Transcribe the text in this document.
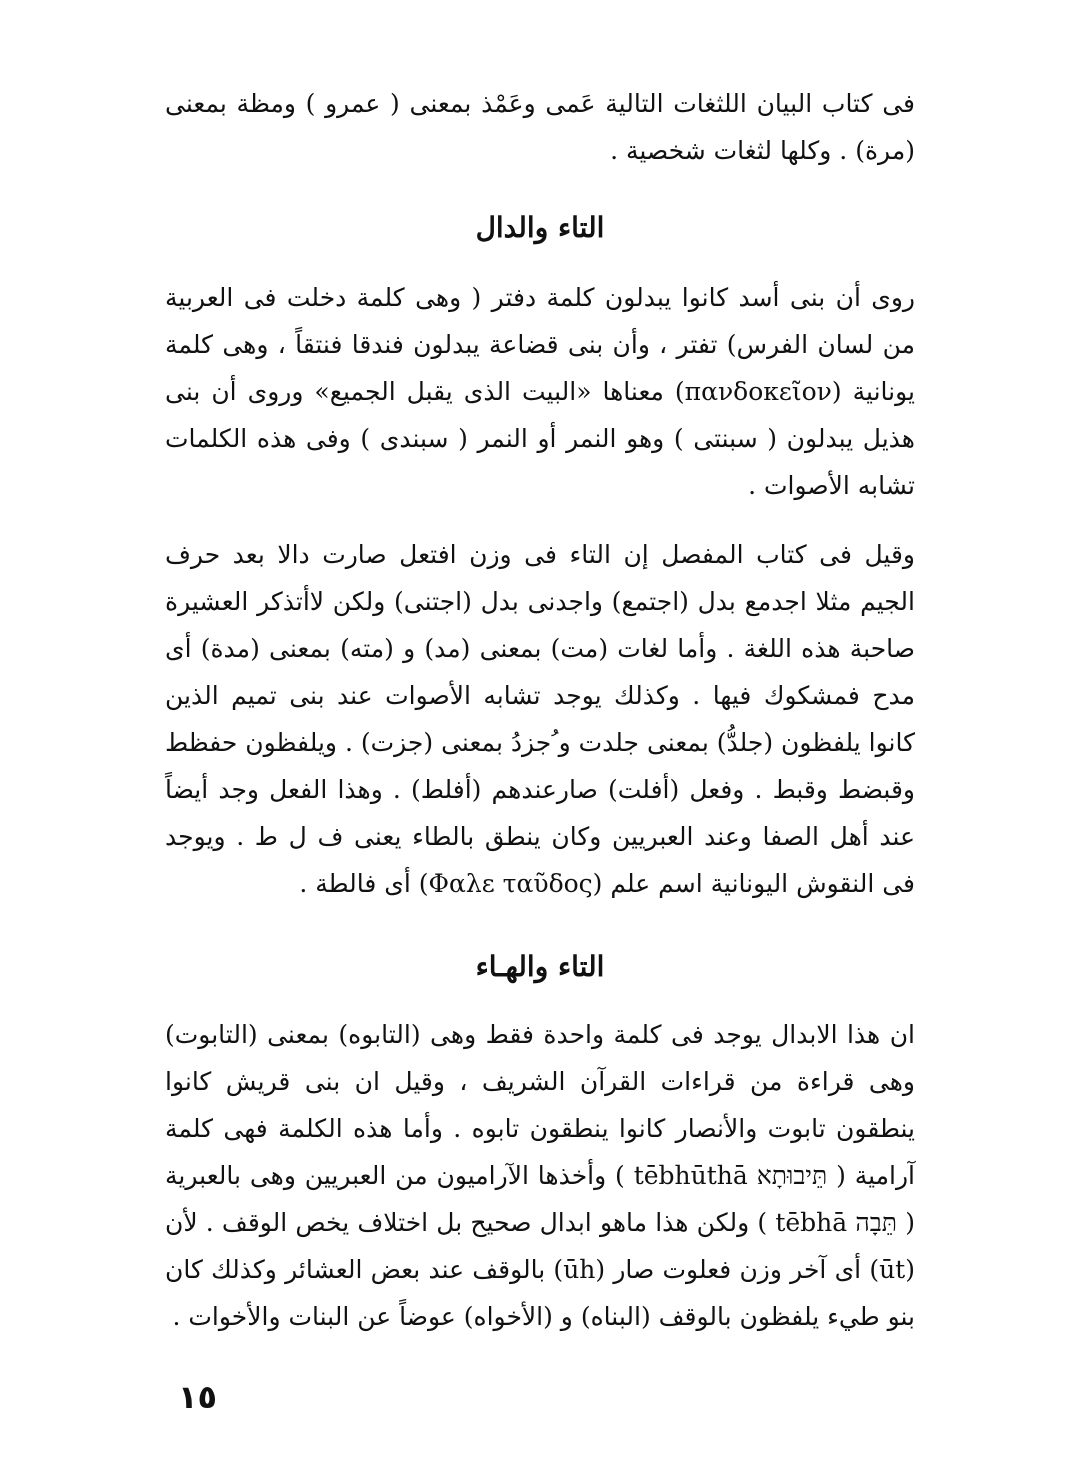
فى كتاب البيان اللثغات التالية عَمى وعَمْذ بمعنى ( عمرو ) ومظة بمعنى (مرة) . وكلها لثغات شخصية .

التاء والدال

روى أن بنى أسد كانوا يبدلون كلمة دفتر ( وهى كلمة دخلت فى العربية من لسان الفرس) تفتر ، وأن بنى قضاعة يبدلون فندقا فنتقاً ، وهى كلمة يونانية (πανδοκεῖον) معناها «البيت الذى يقبل الجميع» وروى أن بنى هذيل يبدلون ( سبنتى ) وهو النمر أو النمر ( سبندى ) وفى هذه الكلمات تشابه الأصوات .

وقيل فى كتاب المفصل إن التاء فى وزن افتعل صارت دالا بعد حرف الجيم مثلا اجدمع بدل (اجتمع) واجدنى بدل (اجتنى) ولكن لاأتذكر العشيرة صاحبة هذه اللغة . وأما لغات (مت) بمعنى (مد) و (مته) بمعنى (مدة) أى مدح فمشكوك فيها . وكذلك يوجد تشابه الأصوات عند بنى تميم الذين كانوا يلفظون (جلدُّ) بمعنى جلدت و ُجزدُ بمعنى (جزت) . ويلفظون حفظط وقبضط وقبط . وفعل (أفلت) صارعندهم (أفلط) . وهذا الفعل وجد أيضاً عند أهل الصفا وعند العبريين وكان ينطق بالطاء يعنى ف ل ط . ويوجد فى النقوش اليونانية اسم علم (Φαλε ταῦδος) أى فالطة .

التاء والهـاء

ان هذا الابدال يوجد فى كلمة واحدة فقط وهى (التابوه) بمعنى (التابوت) وهى قراءة من قراءات القرآن الشريف ، وقيل ان بنى قريش كانوا ينطقون تابوت والأنصار كانوا ينطقون تابوه . وأما هذه الكلمة فهى كلمة آرامية ( תֵּיבוּתָא tēbhūthā ) وأخذها الآراميون من العبريين وهى بالعبرية ( תֵּבָה tēbhā ) ولكن هذا ماهو ابدال صحيح بل اختلاف يخص الوقف . لأن (ūt) أى آخر وزن فعلوت صار (ūh) بالوقف عند بعض العشائر وكذلك كان بنو طيء يلفظون بالوقف (البناه) و (الأخواه) عوضاً عن البنات والأخوات .

١٥
